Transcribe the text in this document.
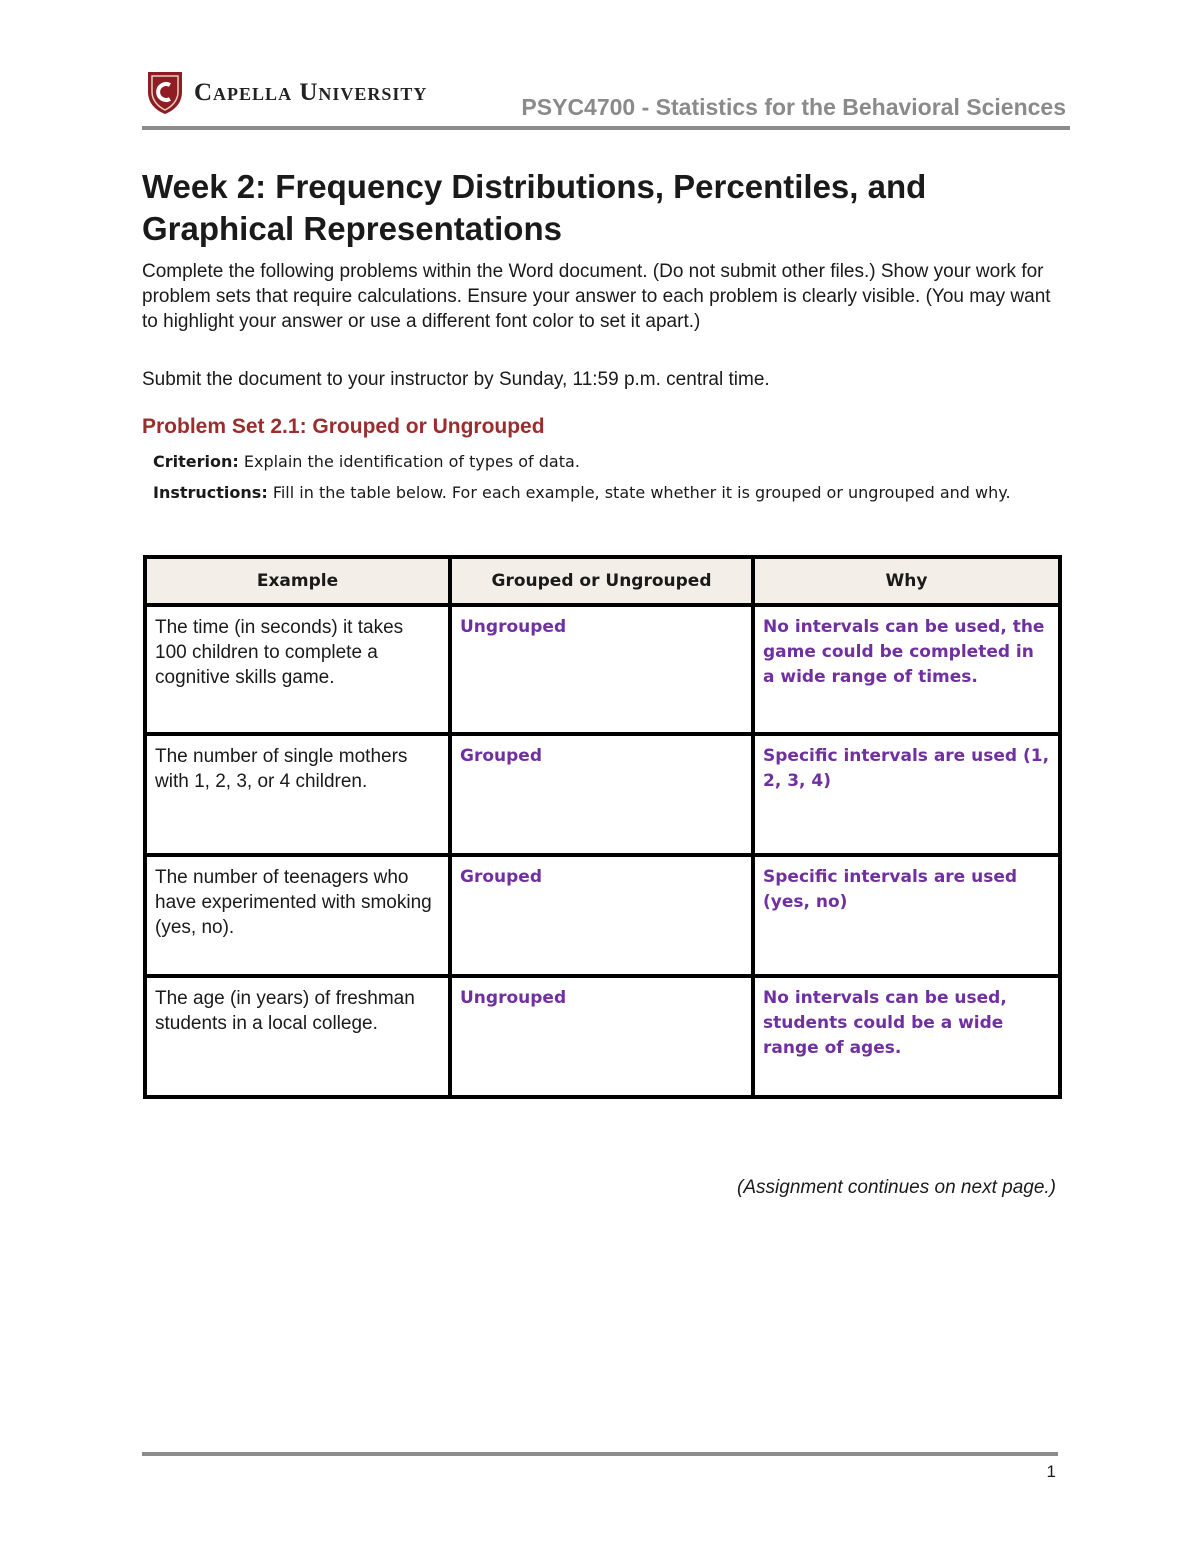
Capella University
PSYC4700 - Statistics for the Behavioral Sciences
Week 2: Frequency Distributions, Percentiles, and Graphical Representations

Complete the following problems within the Word document. (Do not submit other files.) Show your work for problem sets that require calculations. Ensure your answer to each problem is clearly visible. (You may want to highlight your answer or use a different font color to set it apart.)

Submit the document to your instructor by Sunday, 11:59 p.m. central time.

Problem Set 2.1: Grouped or Ungrouped

Criterion: Explain the identification of types of data.

Instructions: Fill in the table below. For each example, state whether it is grouped or ungrouped and why.

Example	Grouped or Ungrouped	Why
The time (in seconds) it takes 100 children to complete a cognitive skills game.	Ungrouped	No intervals can be used, the game could be completed in a wide range of times.
The number of single mothers with 1, 2, 3, or 4 children.	Grouped	Specific intervals are used (1, 2, 3, 4)
The number of teenagers who have experimented with smoking (yes, no).	Grouped	Specific intervals are used (yes, no)
The age (in years) of freshman students in a local college.	Ungrouped	No intervals can be used, students could be a wide range of ages.
(Assignment continues on next page.)
1
